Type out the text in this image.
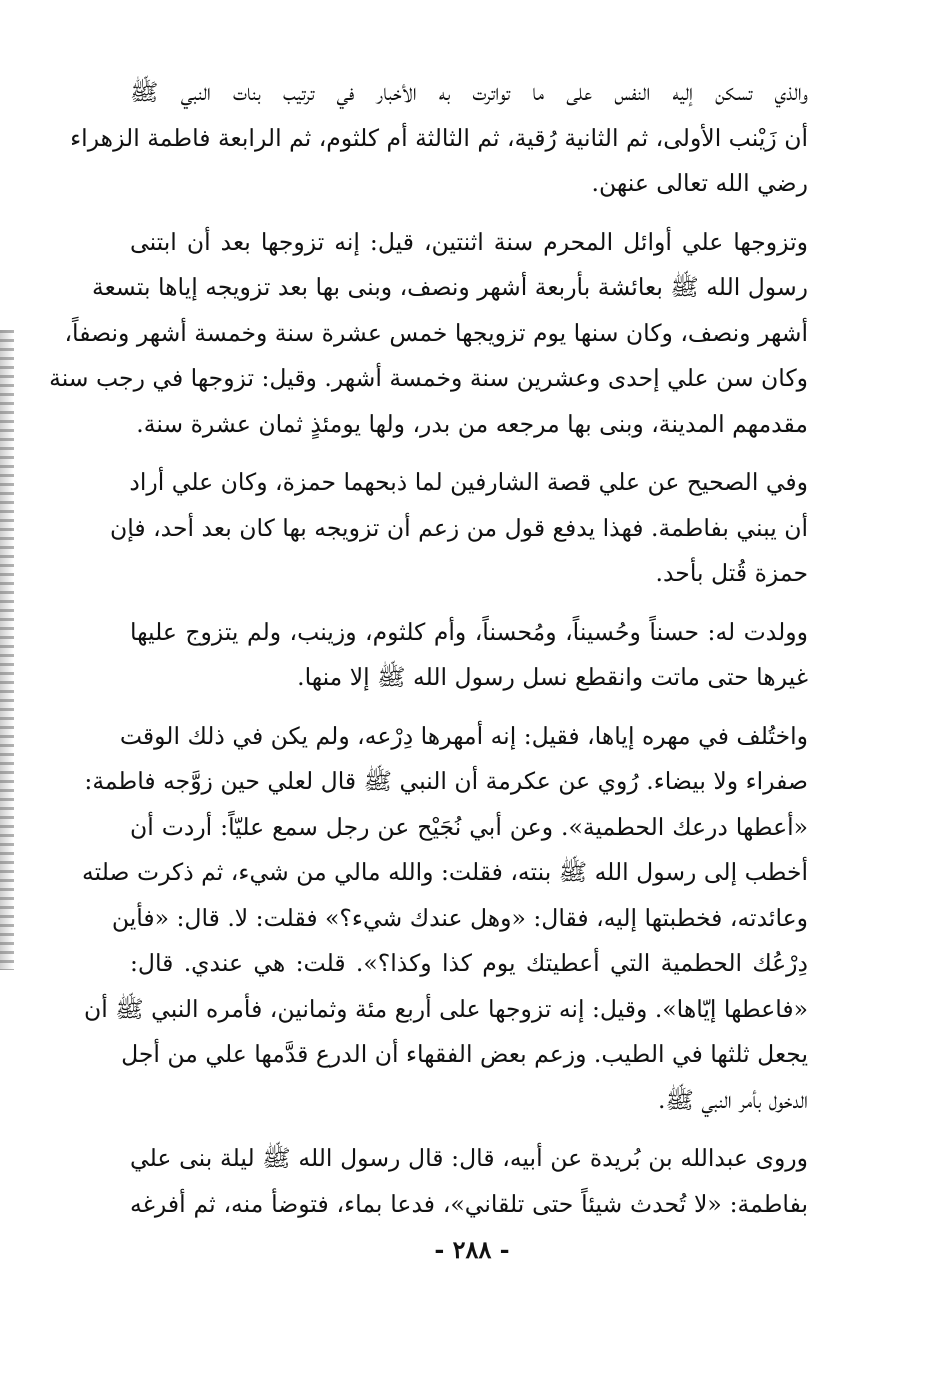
والذي تسكن إليه النفس على ما تواترت به الأخبار في ترتيب بنات النبي ﷺ
أن زَيْنب الأولى، ثم الثانية رُقية، ثم الثالثة أم كلثوم، ثم الرابعة فاطمة الزهراء
رضي الله تعالى عنهن.
وتزوجها علي أوائل المحرم سنة اثنتين، قيل: إنه تزوجها بعد أن ابتنى
رسول الله ﷺ بعائشة بأربعة أشهر ونصف، وبنى بها بعد تزويجه إياها بتسعة
أشهر ونصف، وكان سنها يوم تزويجها خمس عشرة سنة وخمسة أشهر ونصفاً،
وكان سن علي إحدى وعشرين سنة وخمسة أشهر. وقيل: تزوجها في رجب سنة
مقدمهم المدينة، وبنى بها مرجعه من بدر، ولها يومئذٍ ثمان عشرة سنة.
وفي الصحيح عن علي قصة الشارفين لما ذبحهما حمزة، وكان علي أراد
أن يبني بفاطمة. فهذا يدفع قول من زعم أن تزويجه بها كان بعد أحد، فإن
حمزة قُتل بأحد.
وولدت له: حسناً وحُسيناً، ومُحسناً، وأم كلثوم، وزينب، ولم يتزوج عليها
غيرها حتى ماتت وانقطع نسل رسول الله ﷺ إلا منها.
واختُلف في مهره إياها، فقيل: إنه أمهرها دِرْعه، ولم يكن في ذلك الوقت
صفراء ولا بيضاء. رُوي عن عكرمة أن النبي ﷺ قال لعلي حين زوَّجه فاطمة:
«أعطها درعك الحطمية». وعن أبي نُجَيْح عن رجل سمع عليّاً: أردت أن
أخطب إلى رسول الله ﷺ بنته، فقلت: والله مالي من شيء، ثم ذكرت صلته
وعائدته، فخطبتها إليه، فقال: «وهل عندك شيء؟» فقلت: لا. قال: «فأين
دِرْعُك الحطمية التي أعطيتك يوم كذا وكذا؟». قلت: هي عندي. قال:
«فاعطها إيّاها». وقيل: إنه تزوجها على أربع مئة وثمانين، فأمره النبي ﷺ أن
يجعل ثلثها في الطيب. وزعم بعض الفقهاء أن الدرع قدَّمها علي من أجل
الدخول بأمر النبي ﷺ.
وروى عبدالله بن بُريدة عن أبيه، قال: قال رسول الله ﷺ ليلة بنى علي
بفاطمة: «لا تُحدث شيئاً حتى تلقاني»، فدعا بماء، فتوضأ منه، ثم أفرغه
- ٢٨٨ -
